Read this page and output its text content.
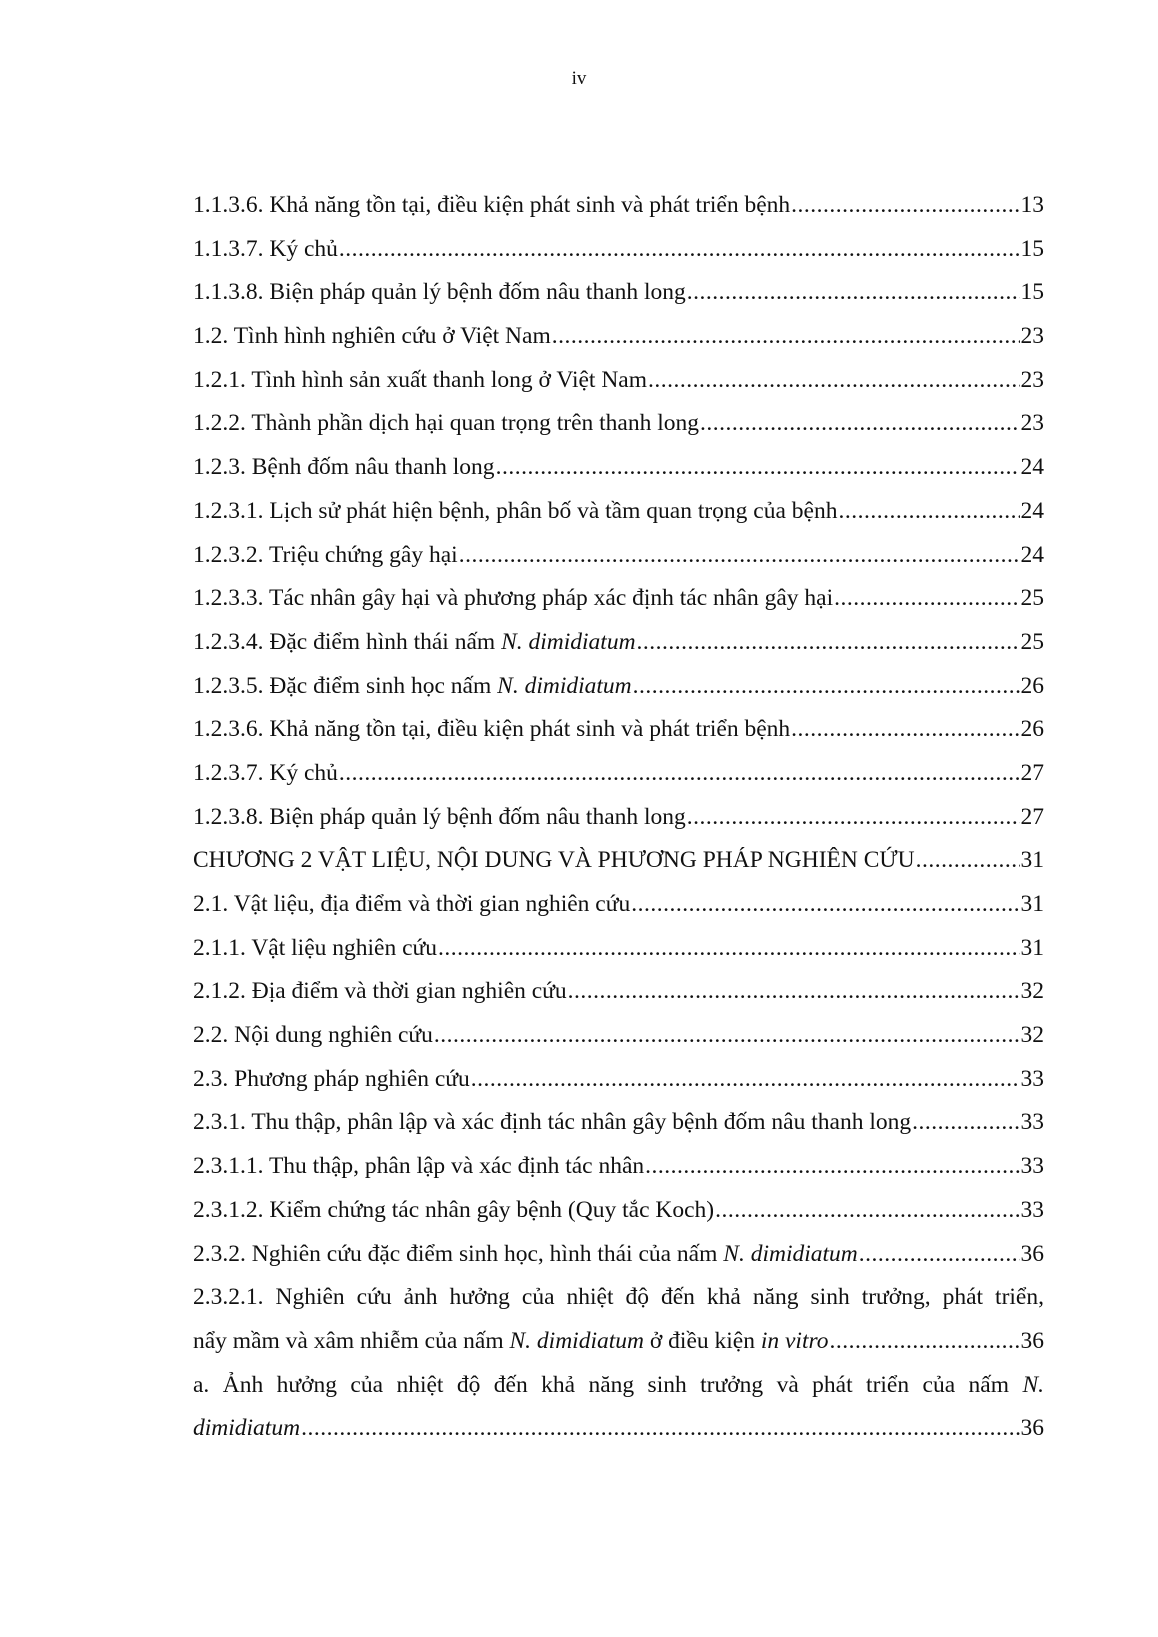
iv
1.1.3.6. Khả năng tồn tại, điều kiện phát sinh và phát triển bệnh .....	13
1.1.3.7. Ký chủ .....	15
1.1.3.8. Biện pháp quản lý bệnh đốm nâu thanh long .....	15
1.2. Tình hình nghiên cứu ở Việt Nam .....	23
1.2.1. Tình hình sản xuất thanh long ở Việt Nam .....	23
1.2.2. Thành phần dịch hại quan trọng trên thanh long .....	23
1.2.3. Bệnh đốm nâu thanh long .....	24
1.2.3.1. Lịch sử phát hiện bệnh, phân bố và tầm quan trọng của bệnh .....	24
1.2.3.2. Triệu chứng gây hại .....	24
1.2.3.3. Tác nhân gây hại và phương pháp xác định tác nhân gây hại .....	25
1.2.3.4. Đặc điểm hình thái nấm N. dimidiatum .....	25
1.2.3.5. Đặc điểm sinh học nấm N. dimidiatum .....	26
1.2.3.6. Khả năng tồn tại, điều kiện phát sinh và phát triển bệnh .....	26
1.2.3.7. Ký chủ .....	27
1.2.3.8. Biện pháp quản lý bệnh đốm nâu thanh long .....	27
CHƯƠNG 2 VẬT LIỆU, NỘI DUNG VÀ PHƯƠNG PHÁP NGHIÊN CỨU .....	31
2.1. Vật liệu, địa điểm và thời gian nghiên cứu .....	31
2.1.1. Vật liệu nghiên cứu .....	31
2.1.2. Địa điểm và thời gian nghiên cứu .....	32
2.2. Nội dung nghiên cứu .....	32
2.3. Phương pháp nghiên cứu .....	33
2.3.1. Thu thập, phân lập và xác định tác nhân gây bệnh đốm nâu thanh long .....	33
2.3.1.1. Thu thập, phân lập và xác định tác nhân .....	33
2.3.1.2. Kiểm chứng tác nhân gây bệnh (Quy tắc Koch) .....	33
2.3.2. Nghiên cứu đặc điểm sinh học, hình thái của nấm N. dimidiatum .....	36
2.3.2.1. Nghiên cứu ảnh hưởng của nhiệt độ đến khả năng sinh trưởng, phát triển,
nẩy mầm và xâm nhiễm của nấm N. dimidiatum ở điều kiện in vitro .....	36
a. Ảnh hưởng của nhiệt độ đến khả năng sinh trưởng và phát triển của nấm N.
dimidiatum .....	36
